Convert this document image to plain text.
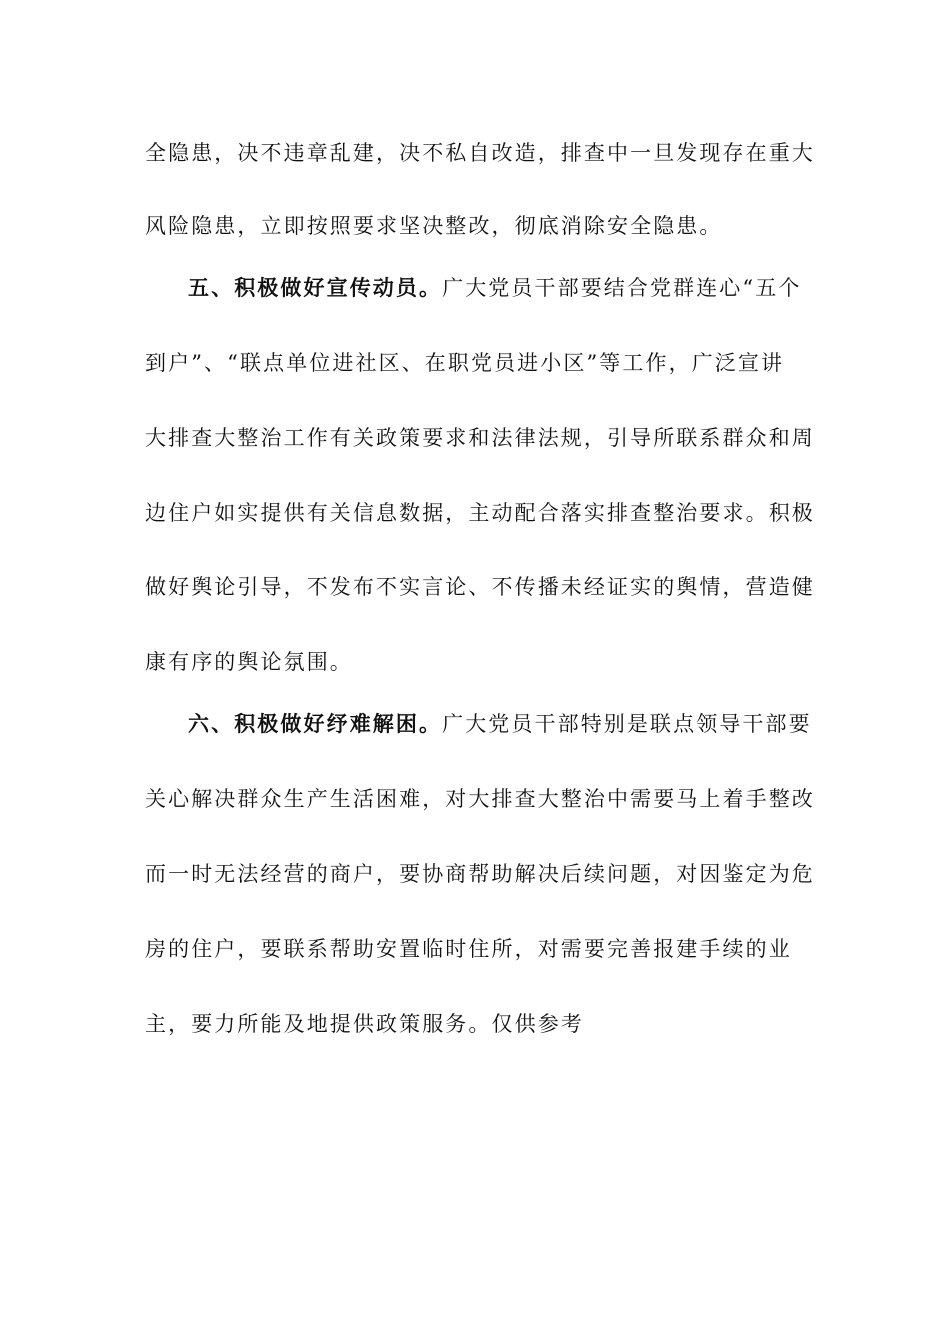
全隐患，决不违章乱建，决不私自改造，排查中一旦发现存在重大
风险隐患，立即按照要求坚决整改，彻底消除安全隐患。
五、积极做好宣传动员。广大党员干部要结合党群连心“五个
到户”、“联点单位进社区、在职党员进小区”等工作，广泛宣讲
大排查大整治工作有关政策要求和法律法规，引导所联系群众和周
边住户如实提供有关信息数据，主动配合落实排查整治要求。积极
做好舆论引导，不发布不实言论、不传播未经证实的舆情，营造健
康有序的舆论氛围。
六、积极做好纾难解困。广大党员干部特别是联点领导干部要
关心解决群众生产生活困难，对大排查大整治中需要马上着手整改
而一时无法经营的商户，要协商帮助解决后续问题，对因鉴定为危
房的住户，要联系帮助安置临时住所，对需要完善报建手续的业
主，要力所能及地提供政策服务。仅供参考
